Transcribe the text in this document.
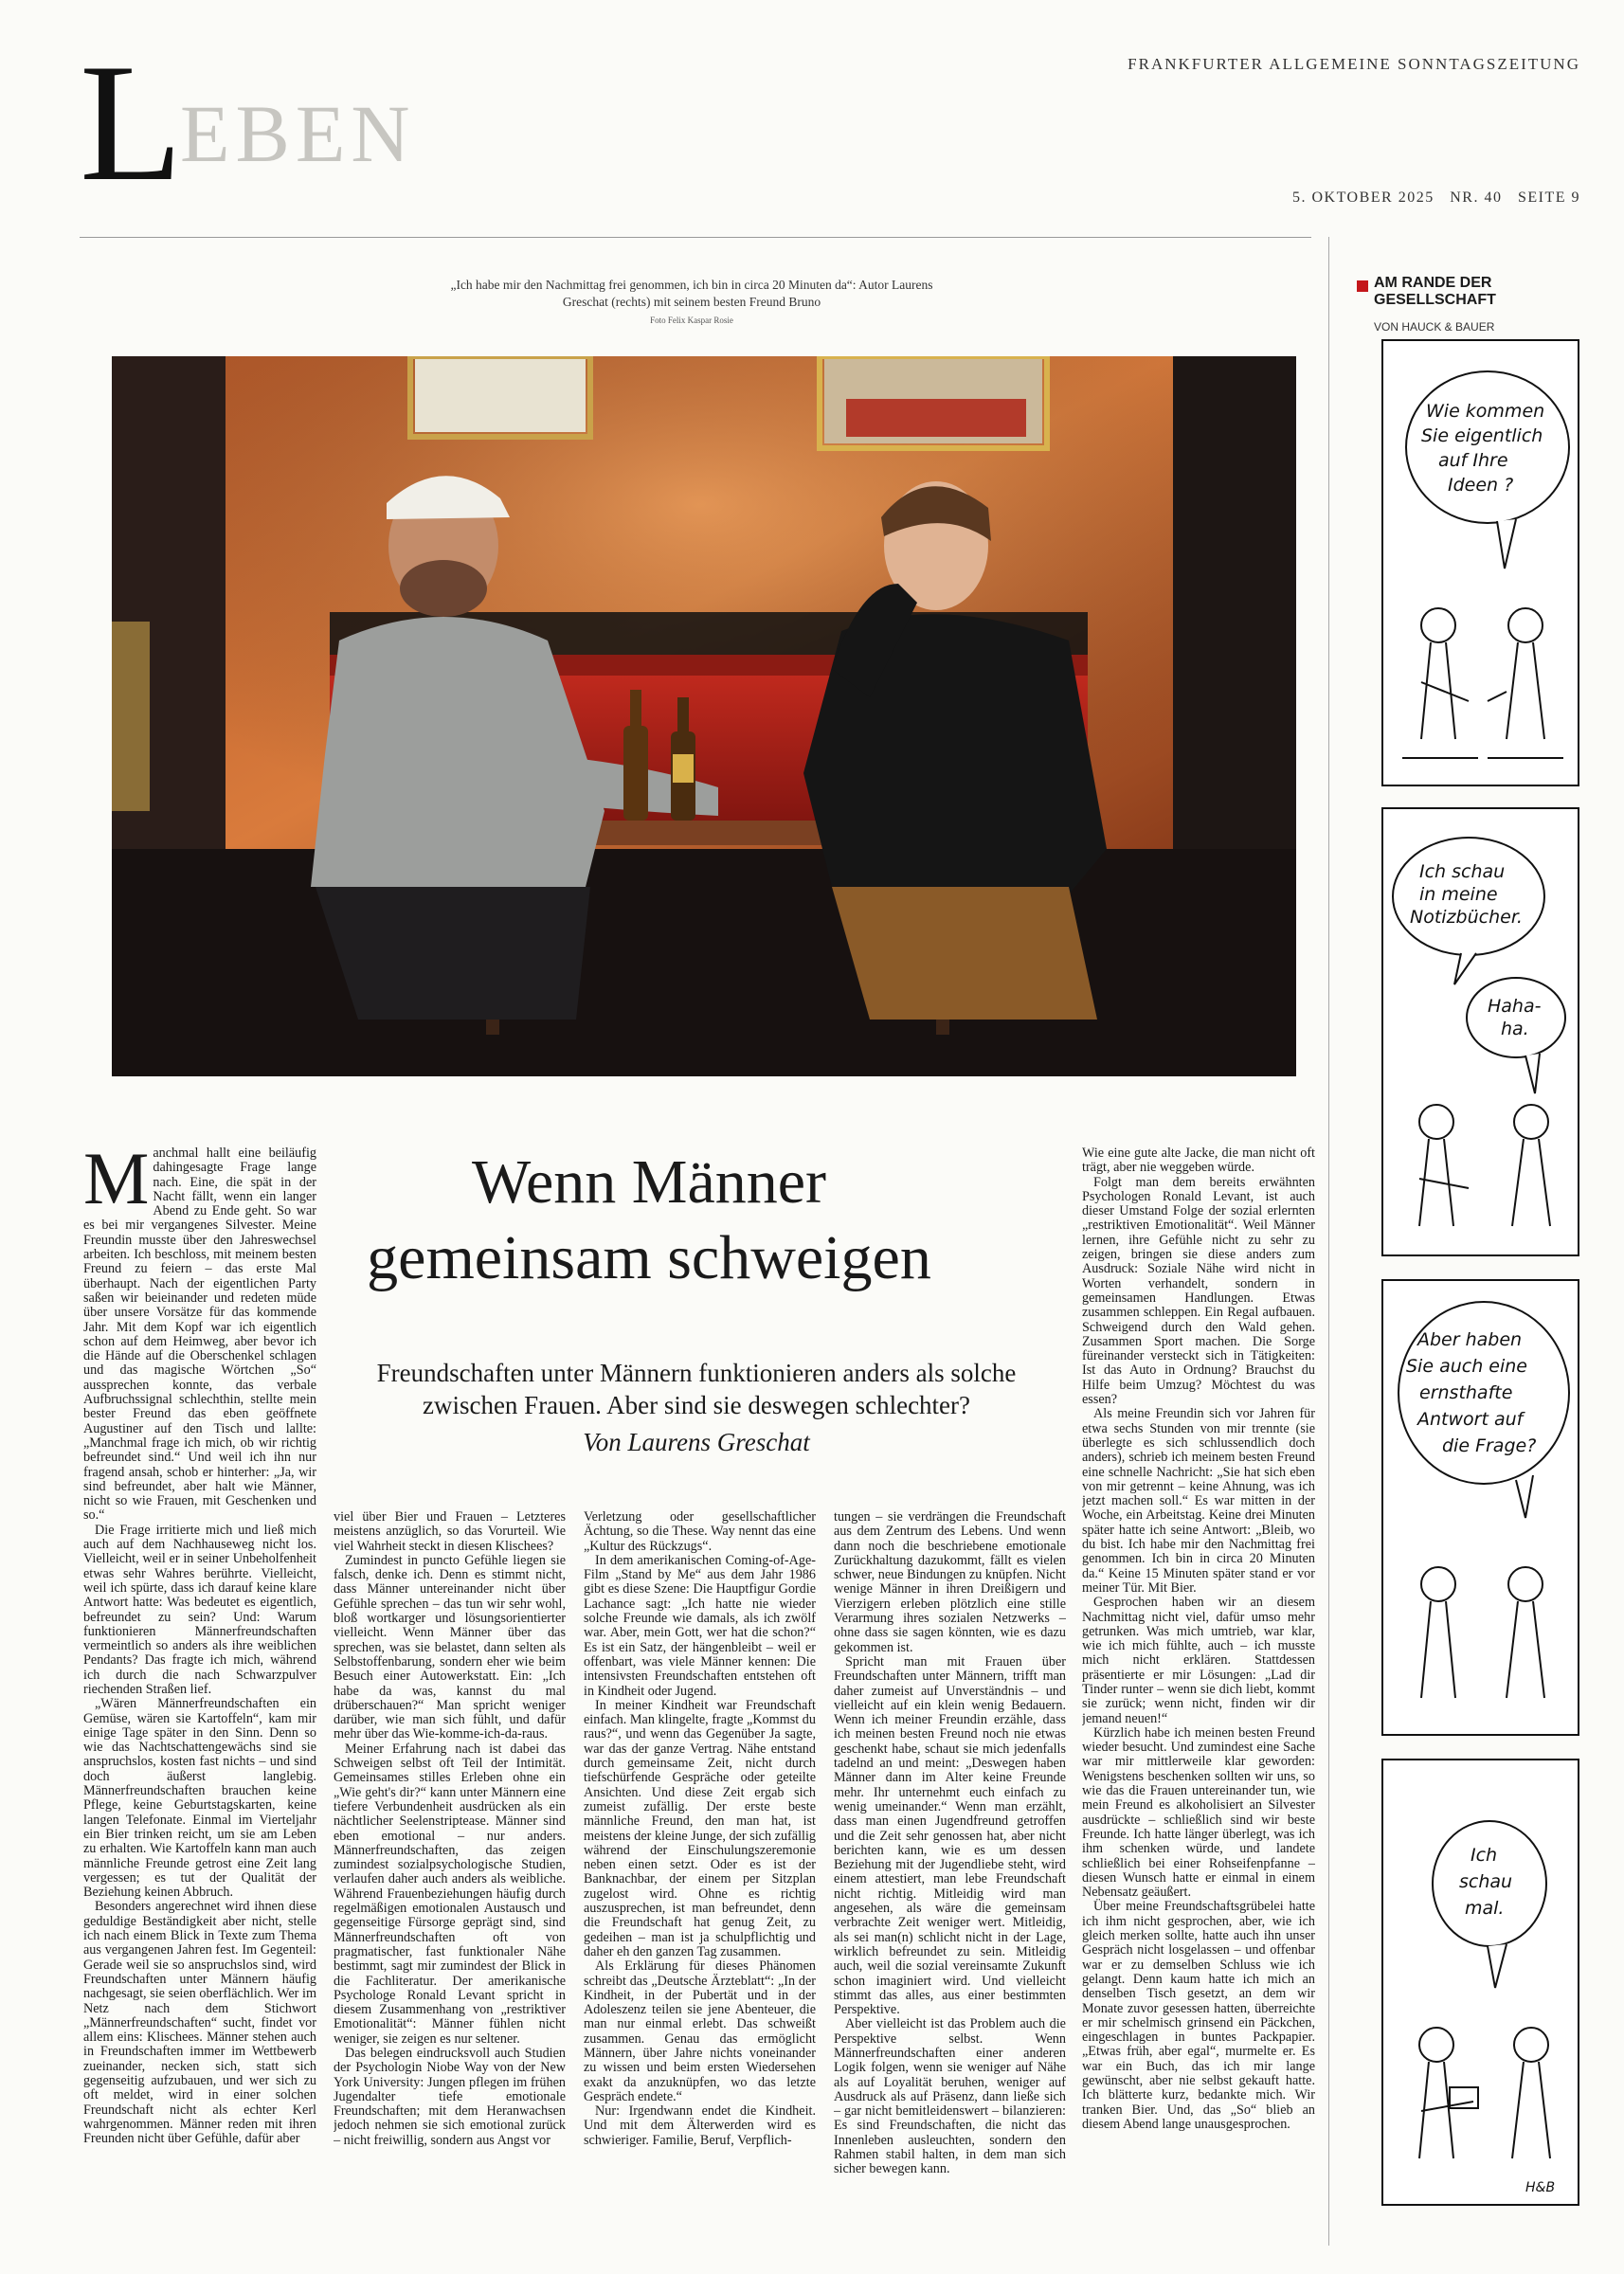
L
EBEN
FRANKFURTER ALLGEMEINE SONNTAGSZEITUNG
5. OKTOBER 2025   NR. 40   SEITE 9
„Ich habe mir den Nachmittag frei genommen, ich bin in circa 20 Minuten da“: Autor Laurens Greschat (rechts) mit seinem besten Freund Bruno
Foto Felix Kaspar Rosie
Wenn Männer
gemeinsam schweigen
Freundschaften unter Männern funktionieren anders als solche zwischen Frauen. Aber sind sie deswegen schlechter?
Von Laurens Greschat

Manchmal hallt eine beiläufig dahingesagte Frage lange nach. Eine, die spät in der Nacht fällt, wenn ein langer Abend zu Ende geht. So war es bei mir vergangenes Silvester. Meine Freundin musste über den Jahreswechsel arbeiten. Ich beschloss, mit meinem besten Freund zu feiern – das erste Mal überhaupt. Nach der eigentlichen Party saßen wir beieinander und redeten müde über unsere Vorsätze für das kommende Jahr. Mit dem Kopf war ich eigentlich schon auf dem Heimweg, aber bevor ich die Hände auf die Oberschenkel schlagen und das magische Wörtchen „So“ aussprechen konnte, das verbale Aufbruchssignal schlechthin, stellte mein bester Freund das eben geöffnete Augustiner auf den Tisch und lallte: „Manchmal frage ich mich, ob wir richtig befreundet sind.“ Und weil ich ihn nur fragend ansah, schob er hinterher: „Ja, wir sind befreundet, aber halt wie Männer, nicht so wie Frauen, mit Geschenken und so.“

Die Frage irritierte mich und ließ mich auch auf dem Nachhauseweg nicht los. Vielleicht, weil er in seiner Unbeholfenheit etwas sehr Wahres berührte. Vielleicht, weil ich spürte, dass ich darauf keine klare Antwort hatte: Was bedeutet es eigentlich, befreundet zu sein? Und: Warum funktionieren Männerfreundschaften vermeintlich so anders als ihre weiblichen Pendants? Das fragte ich mich, während ich durch die nach Schwarzpulver riechenden Straßen lief.

„Wären Männerfreundschaften ein Gemüse, wären sie Kartoffeln“, kam mir einige Tage später in den Sinn. Denn so wie das Nachtschattengewächs sind sie anspruchslos, kosten fast nichts – und sind doch äußerst langlebig. Männerfreundschaften brauchen keine Pflege, keine Geburtstagskarten, keine langen Telefonate. Einmal im Vierteljahr ein Bier trinken reicht, um sie am Leben zu erhalten. Wie Kartoffeln kann man auch männliche Freunde getrost eine Zeit lang vergessen; es tut der Qualität der Beziehung keinen Abbruch.

Besonders angerechnet wird ihnen diese geduldige Beständigkeit aber nicht, stelle ich nach einem Blick in Texte zum Thema aus vergangenen Jahren fest. Im Gegenteil: Gerade weil sie so anspruchslos sind, wird Freundschaften unter Männern häufig nachgesagt, sie seien oberflächlich. Wer im Netz nach dem Stichwort „Männerfreundschaften“ sucht, findet vor allem eins: Klischees. Männer stehen auch in Freundschaften immer im Wettbewerb zueinander, necken sich, statt sich gegenseitig aufzubauen, und wer sich zu oft meldet, wird in einer solchen Freundschaft nicht als echter Kerl wahrgenommen. Männer reden mit ihren Freunden nicht über Gefühle, dafür aber

viel über Bier und Frauen – Letzteres meistens anzüglich, so das Vorurteil. Wie viel Wahrheit steckt in diesen Klischees?

Zumindest in puncto Gefühle liegen sie falsch, denke ich. Denn es stimmt nicht, dass Männer untereinander nicht über Gefühle sprechen – das tun wir sehr wohl, bloß wortkarger und lösungsorientierter vielleicht. Wenn Männer über das sprechen, was sie belastet, dann selten als Selbstoffenbarung, sondern eher wie beim Besuch einer Autowerkstatt. Ein: „Ich habe da was, kannst du mal drüberschauen?“ Man spricht weniger darüber, wie man sich fühlt, und dafür mehr über das Wie-komme-ich-da-raus.

Meiner Erfahrung nach ist dabei das Schweigen selbst oft Teil der Intimität. Gemeinsames stilles Erleben ohne ein „Wie geht's dir?“ kann unter Männern eine tiefere Verbundenheit ausdrücken als ein nächtlicher Seelenstriptease. Männer sind eben emotional – nur anders. Männerfreundschaften, das zeigen zumindest sozialpsychologische Studien, verlaufen daher auch anders als weibliche. Während Frauenbeziehungen häufig durch regelmäßigen emotionalen Austausch und gegenseitige Fürsorge geprägt sind, sind Männerfreundschaften oft von pragmatischer, fast funktionaler Nähe bestimmt, sagt mir zumindest der Blick in die Fachliteratur. Der amerikanische Psychologe Ronald Levant spricht in diesem Zusammenhang von „restriktiver Emotionalität“: Männer fühlen nicht weniger, sie zeigen es nur seltener.

Das belegen eindrucksvoll auch Studien der Psychologin Niobe Way von der New York University: Jungen pflegen im frühen Jugendalter tiefe emotionale Freundschaften; mit dem Heranwachsen jedoch nehmen sie sich emotional zurück – nicht freiwillig, sondern aus Angst vor

Verletzung oder gesellschaftlicher Ächtung, so die These. Way nennt das eine „Kultur des Rückzugs“.

In dem amerikanischen Coming-of-Age-Film „Stand by Me“ aus dem Jahr 1986 gibt es diese Szene: Die Hauptfigur Gordie Lachance sagt: „Ich hatte nie wieder solche Freunde wie damals, als ich zwölf war. Aber, mein Gott, wer hat die schon?“ Es ist ein Satz, der hängenbleibt – weil er offenbart, was viele Männer kennen: Die intensivsten Freundschaften entstehen oft in Kindheit oder Jugend.

In meiner Kindheit war Freundschaft einfach. Man klingelte, fragte „Kommst du raus?“, und wenn das Gegenüber Ja sagte, war das der ganze Vertrag. Nähe entstand durch gemeinsame Zeit, nicht durch tiefschürfende Gespräche oder geteilte Ansichten. Und diese Zeit ergab sich zumeist zufällig. Der erste beste männliche Freund, den man hat, ist meistens der kleine Junge, der sich zufällig während der Einschulungszeremonie neben einen setzt. Oder es ist der Banknachbar, der einem per Sitzplan zugelost wird. Ohne es richtig auszusprechen, ist man befreundet, denn die Freundschaft hat genug Zeit, zu gedeihen – man ist ja schulpflichtig und daher eh den ganzen Tag zusammen.

Als Erklärung für dieses Phänomen schreibt das „Deutsche Ärzteblatt“: „In der Kindheit, in der Pubertät und in der Adoleszenz teilen sie jene Abenteuer, die man nur einmal erlebt. Das schweißt zusammen. Genau das ermöglicht Männern, über Jahre nichts voneinander zu wissen und beim ersten Wiedersehen exakt da anzuknüpfen, wo das letzte Gespräch endete.“

Nur: Irgendwann endet die Kindheit. Und mit dem Älterwerden wird es schwieriger. Familie, Beruf, Verpflich-

tungen – sie verdrängen die Freundschaft aus dem Zentrum des Lebens. Und wenn dann noch die beschriebene emotionale Zurückhaltung dazukommt, fällt es vielen schwer, neue Bindungen zu knüpfen. Nicht wenige Männer in ihren Dreißigern und Vierzigern erleben plötzlich eine stille Verarmung ihres sozialen Netzwerks – ohne dass sie sagen könnten, wie es dazu gekommen ist.

Spricht man mit Frauen über Freundschaften unter Männern, trifft man daher zumeist auf Unverständnis – und vielleicht auf ein klein wenig Bedauern. Wenn ich meiner Freundin erzähle, dass ich meinen besten Freund noch nie etwas geschenkt habe, schaut sie mich jedenfalls tadelnd an und meint: „Deswegen haben Männer dann im Alter keine Freunde mehr. Ihr unternehmt euch einfach zu wenig umeinander.“ Wenn man erzählt, dass man einen Jugendfreund getroffen und die Zeit sehr genossen hat, aber nicht berichten kann, wie es um dessen Beziehung mit der Jugendliebe steht, wird einem attestiert, man lebe Freundschaft nicht richtig. Mitleidig wird man angesehen, als wäre die gemeinsam verbrachte Zeit weniger wert. Mitleidig, als sei man(n) schlicht nicht in der Lage, wirklich befreundet zu sein. Mitleidig auch, weil die sozial vereinsamte Zukunft schon imaginiert wird. Und vielleicht stimmt das alles, aus einer bestimmten Perspektive.

Aber vielleicht ist das Problem auch die Perspektive selbst. Wenn Männerfreundschaften einer anderen Logik folgen, wenn sie weniger auf Nähe als auf Loyalität beruhen, weniger auf Ausdruck als auf Präsenz, dann ließe sich – gar nicht bemitleidenswert – bilanzieren: Es sind Freundschaften, die nicht das Innenleben ausleuchten, sondern den Rahmen stabil halten, in dem man sich sicher bewegen kann.

Wie eine gute alte Jacke, die man nicht oft trägt, aber nie weggeben würde.

Folgt man dem bereits erwähnten Psychologen Ronald Levant, ist auch dieser Umstand Folge der sozial erlernten „restriktiven Emotionalität“. Weil Männer lernen, ihre Gefühle nicht zu sehr zu zeigen, bringen sie diese anders zum Ausdruck: Soziale Nähe wird nicht in Worten verhandelt, sondern in gemeinsamen Handlungen. Etwas zusammen schleppen. Ein Regal aufbauen. Schweigend durch den Wald gehen. Zusammen Sport machen. Die Sorge füreinander versteckt sich in Tätigkeiten: Ist das Auto in Ordnung? Brauchst du Hilfe beim Umzug? Möchtest du was essen?

Als meine Freundin sich vor Jahren für etwa sechs Stunden von mir trennte (sie überlegte es sich schlussendlich doch anders), schrieb ich meinem besten Freund eine schnelle Nachricht: „Sie hat sich eben von mir getrennt – keine Ahnung, was ich jetzt machen soll.“ Es war mitten in der Woche, ein Arbeitstag. Keine drei Minuten später hatte ich seine Antwort: „Bleib, wo du bist. Ich habe mir den Nachmittag frei genommen. Ich bin in circa 20 Minuten da.“ Keine 15 Minuten später stand er vor meiner Tür. Mit Bier.

Gesprochen haben wir an diesem Nachmittag nicht viel, dafür umso mehr getrunken. Was mich umtrieb, war klar, wie ich mich fühlte, auch – ich musste mich nicht erklären. Stattdessen präsentierte er mir Lösungen: „Lad dir Tinder runter – wenn sie dich liebt, kommt sie zurück; wenn nicht, finden wir dir jemand neuen!“

Kürzlich habe ich meinen besten Freund wieder besucht. Und zumindest eine Sache war mir mittlerweile klar geworden: Wenigstens beschenken sollten wir uns, so wie das die Frauen untereinander tun, wie mein Freund es alkoholisiert an Silvester ausdrückte – schließlich sind wir beste Freunde. Ich hatte länger überlegt, was ich ihm schenken würde, und landete schließlich bei einer Rohseifenpfanne – diesen Wunsch hatte er einmal in einem Nebensatz geäußert.

Über meine Freundschaftsgrübelei hatte ich ihm nicht gesprochen, aber, wie ich gleich merken sollte, hatte auch ihn unser Gespräch nicht losgelassen – und offenbar war er zu demselben Schluss wie ich gelangt. Denn kaum hatte ich mich an denselben Tisch gesetzt, an dem wir Monate zuvor gesessen hatten, überreichte er mir schelmisch grinsend ein Päckchen, eingeschlagen in buntes Packpapier. „Etwas früh, aber egal“, murmelte er. Es war ein Buch, das ich mir lange gewünscht, aber nie selbst gekauft hatte. Ich blätterte kurz, bedankte mich. Wir tranken Bier. Und, das „So“ blieb an diesem Abend lange unausgesprochen.

AM RANDE DER GESELLSCHAFT
VON HAUCK & BAUER
Wie kommen
Sie eigentlich
auf Ihre
Ideen ?
Ich schau
in meine
Notizbücher.
Haha-
ha.
Aber haben
Sie auch eine
ernsthafte
Antwort auf
die Frage?
Ich
schau
mal.
H&B
